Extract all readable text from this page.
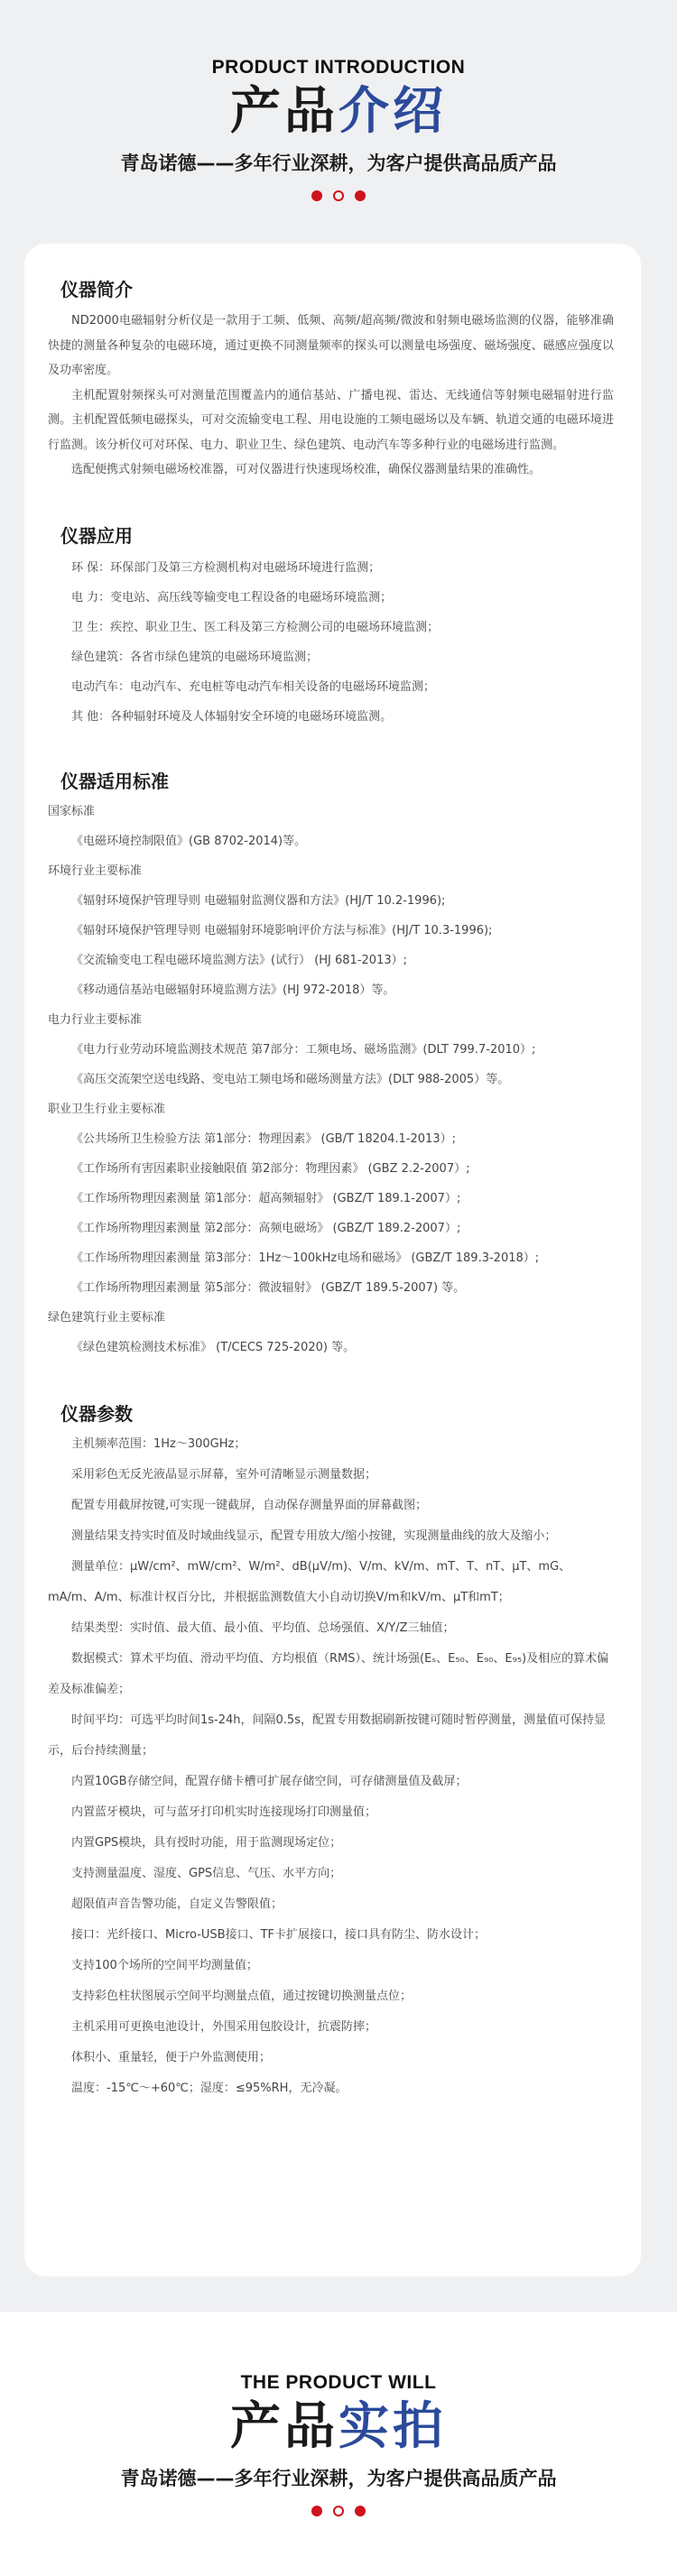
PRODUCT INTRODUCTION
产品介绍
青岛诺德——多年行业深耕，为客户提供高品质产品
仪器简介

ND2000电磁辐射分析仪是一款用于工频、低频、高频/超高频/微波和射频电磁场监测的仪器，能够准确快捷的测量各种复杂的电磁环境，通过更换不同测量频率的探头可以测量电场强度、磁场强度、磁感应强度以及功率密度。

主机配置射频探头可对测量范围覆盖内的通信基站、广播电视、雷达、无线通信等射频电磁辐射进行监测。主机配置低频电磁探头，可对交流输变电工程、用电设施的工频电磁场以及车辆、轨道交通的电磁环境进行监测。该分析仪可对环保、电力、职业卫生、绿色建筑、电动汽车等多种行业的电磁场进行监测。

选配便携式射频电磁场校准器，可对仪器进行快速现场校准，确保仪器测量结果的准确性。

仪器应用
环 保：环保部门及第三方检测机构对电磁场环境进行监测；
电 力：变电站、高压线等输变电工程设备的电磁场环境监测；
卫 生：疾控、职业卫生、医工科及第三方检测公司的电磁场环境监测；
绿色建筑：各省市绿色建筑的电磁场环境监测；
电动汽车：电动汽车、充电桩等电动汽车相关设备的电磁场环境监测；
其 他：各种辐射环境及人体辐射安全环境的电磁场环境监测。
仪器适用标准
国家标准
《电磁环境控制限值》(GB 8702-2014)等。
环境行业主要标准
《辐射环境保护管理导则 电磁辐射监测仪器和方法》(HJ/T 10.2-1996);
《辐射环境保护管理导则 电磁辐射环境影响评价方法与标准》(HJ/T 10.3-1996);
《交流输变电工程电磁环境监测方法》(试行） (HJ 681-2013）;
《移动通信基站电磁辐射环境监测方法》(HJ 972-2018）等。
电力行业主要标准
《电力行业劳动环境监测技术规范 第7部分：工频电场、磁场监测》(DLT 799.7-2010）;
《高压交流架空送电线路、变电站工频电场和磁场测量方法》(DLT 988-2005）等。
职业卫生行业主要标准
《公共场所卫生检验方法 第1部分：物理因素》 (GB/T 18204.1-2013）;
《工作场所有害因素职业接触限值 第2部分：物理因素》 (GBZ 2.2-2007）;
《工作场所物理因素测量 第1部分：超高频辐射》 (GBZ/T 189.1-2007）;
《工作场所物理因素测量 第2部分：高频电磁场》 (GBZ/T 189.2-2007）;
《工作场所物理因素测量 第3部分：1Hz～100kHz电场和磁场》 (GBZ/T 189.3-2018）;
《工作场所物理因素测量 第5部分：微波辐射》 (GBZ/T 189.5-2007) 等。
绿色建筑行业主要标准
《绿色建筑检测技术标准》 (T/CECS 725-2020) 等。
仪器参数
主机频率范围：1Hz～300GHz；
采用彩色无反光液晶显示屏幕，室外可清晰显示测量数据；
配置专用截屏按键,可实现一键截屏，自动保存测量界面的屏幕截图；
测量结果支持实时值及时域曲线显示，配置专用放大/缩小按键，实现测量曲线的放大及缩小；
测量单位：μW/cm²、mW/cm²、W/m²、dB(μV/m)、V/m、kV/m、mT、T、nT、μT、mG、mA/m、A/m、标准计权百分比，并根据监测数值大小自动切换V/m和kV/m、μT和mT；
结果类型：实时值、最大值、最小值、平均值、总场强值、X/Y/Z三轴值；
数据模式：算术平均值、滑动平均值、方均根值（RMS）、统计场强(Eₛ、E₅₀、E₉₀、E₉₅)及相应的算术偏差及标准偏差；
时间平均：可选平均时间1s-24h，间隔0.5s，配置专用数据刷新按键可随时暂停测量，测量值可保持显示，后台持续测量；
内置10GB存储空间，配置存储卡槽可扩展存储空间，可存储测量值及截屏；
内置蓝牙模块，可与蓝牙打印机实时连接现场打印测量值；
内置GPS模块，具有授时功能，用于监测现场定位；
支持测量温度、湿度、GPS信息、气压、水平方向；
超限值声音告警功能，自定义告警限值；
接口：光纤接口、Micro-USB接口、TF卡扩展接口，接口具有防尘、防水设计；
支持100个场所的空间平均测量值；
支持彩色柱状图展示空间平均测量点值，通过按键切换测量点位；
主机采用可更换电池设计，外围采用包胶设计，抗震防摔；
体积小、重量轻，便于户外监测使用；
温度：-15℃～+60℃；湿度：≤95%RH，无冷凝。
THE PRODUCT WILL
产品实拍
青岛诺德——多年行业深耕，为客户提供高品质产品
